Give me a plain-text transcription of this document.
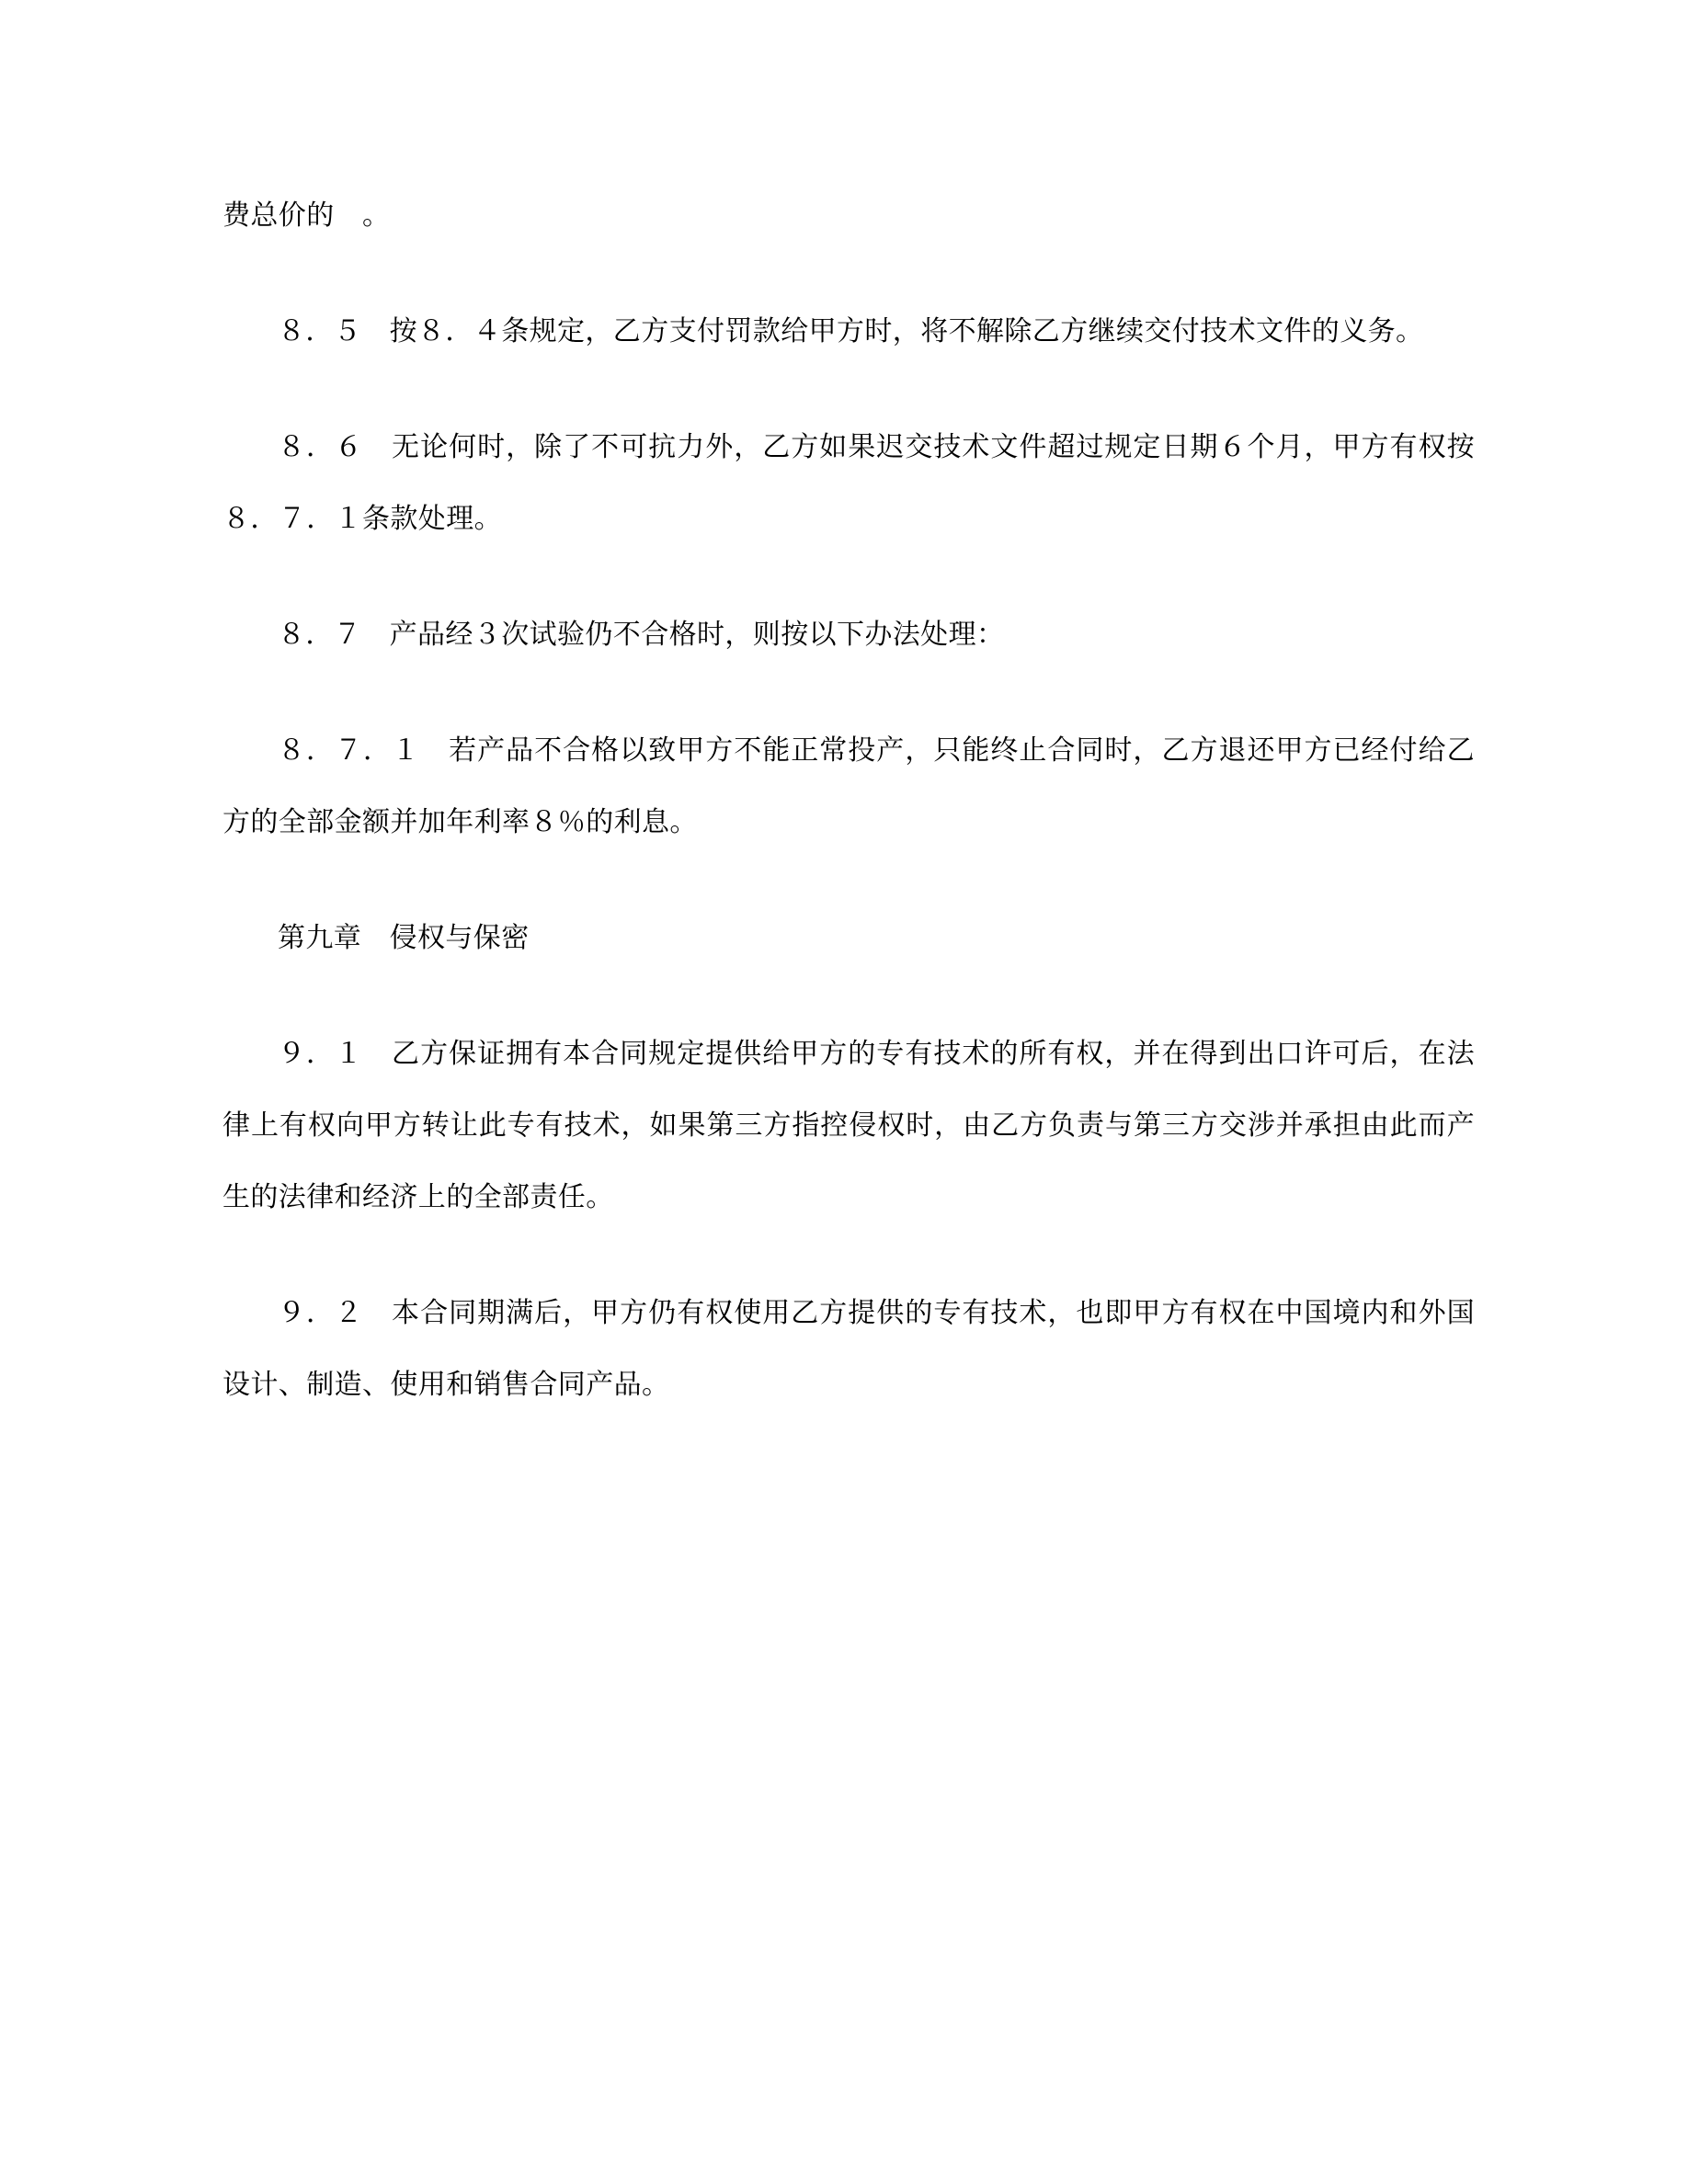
费总价的　。

８．５　按８．４条规定，乙方支付罚款给甲方时，将不解除乙方继续交付技术文件的义务。

８．６　无论何时，除了不可抗力外，乙方如果迟交技术文件超过规定日期６个月，甲方有权按８．７．１条款处理。

８．７　产品经３次试验仍不合格时，则按以下办法处理：

８．７．１　若产品不合格以致甲方不能正常投产，只能终止合同时，乙方退还甲方已经付给乙方的全部金额并加年利率８％的利息。

第九章　侵权与保密

９．１　乙方保证拥有本合同规定提供给甲方的专有技术的所有权，并在得到出口许可后，在法律上有权向甲方转让此专有技术，如果第三方指控侵权时，由乙方负责与第三方交涉并承担由此而产生的法律和经济上的全部责任。

９．２　本合同期满后，甲方仍有权使用乙方提供的专有技术，也即甲方有权在中国境内和外国设计、制造、使用和销售合同产品。
